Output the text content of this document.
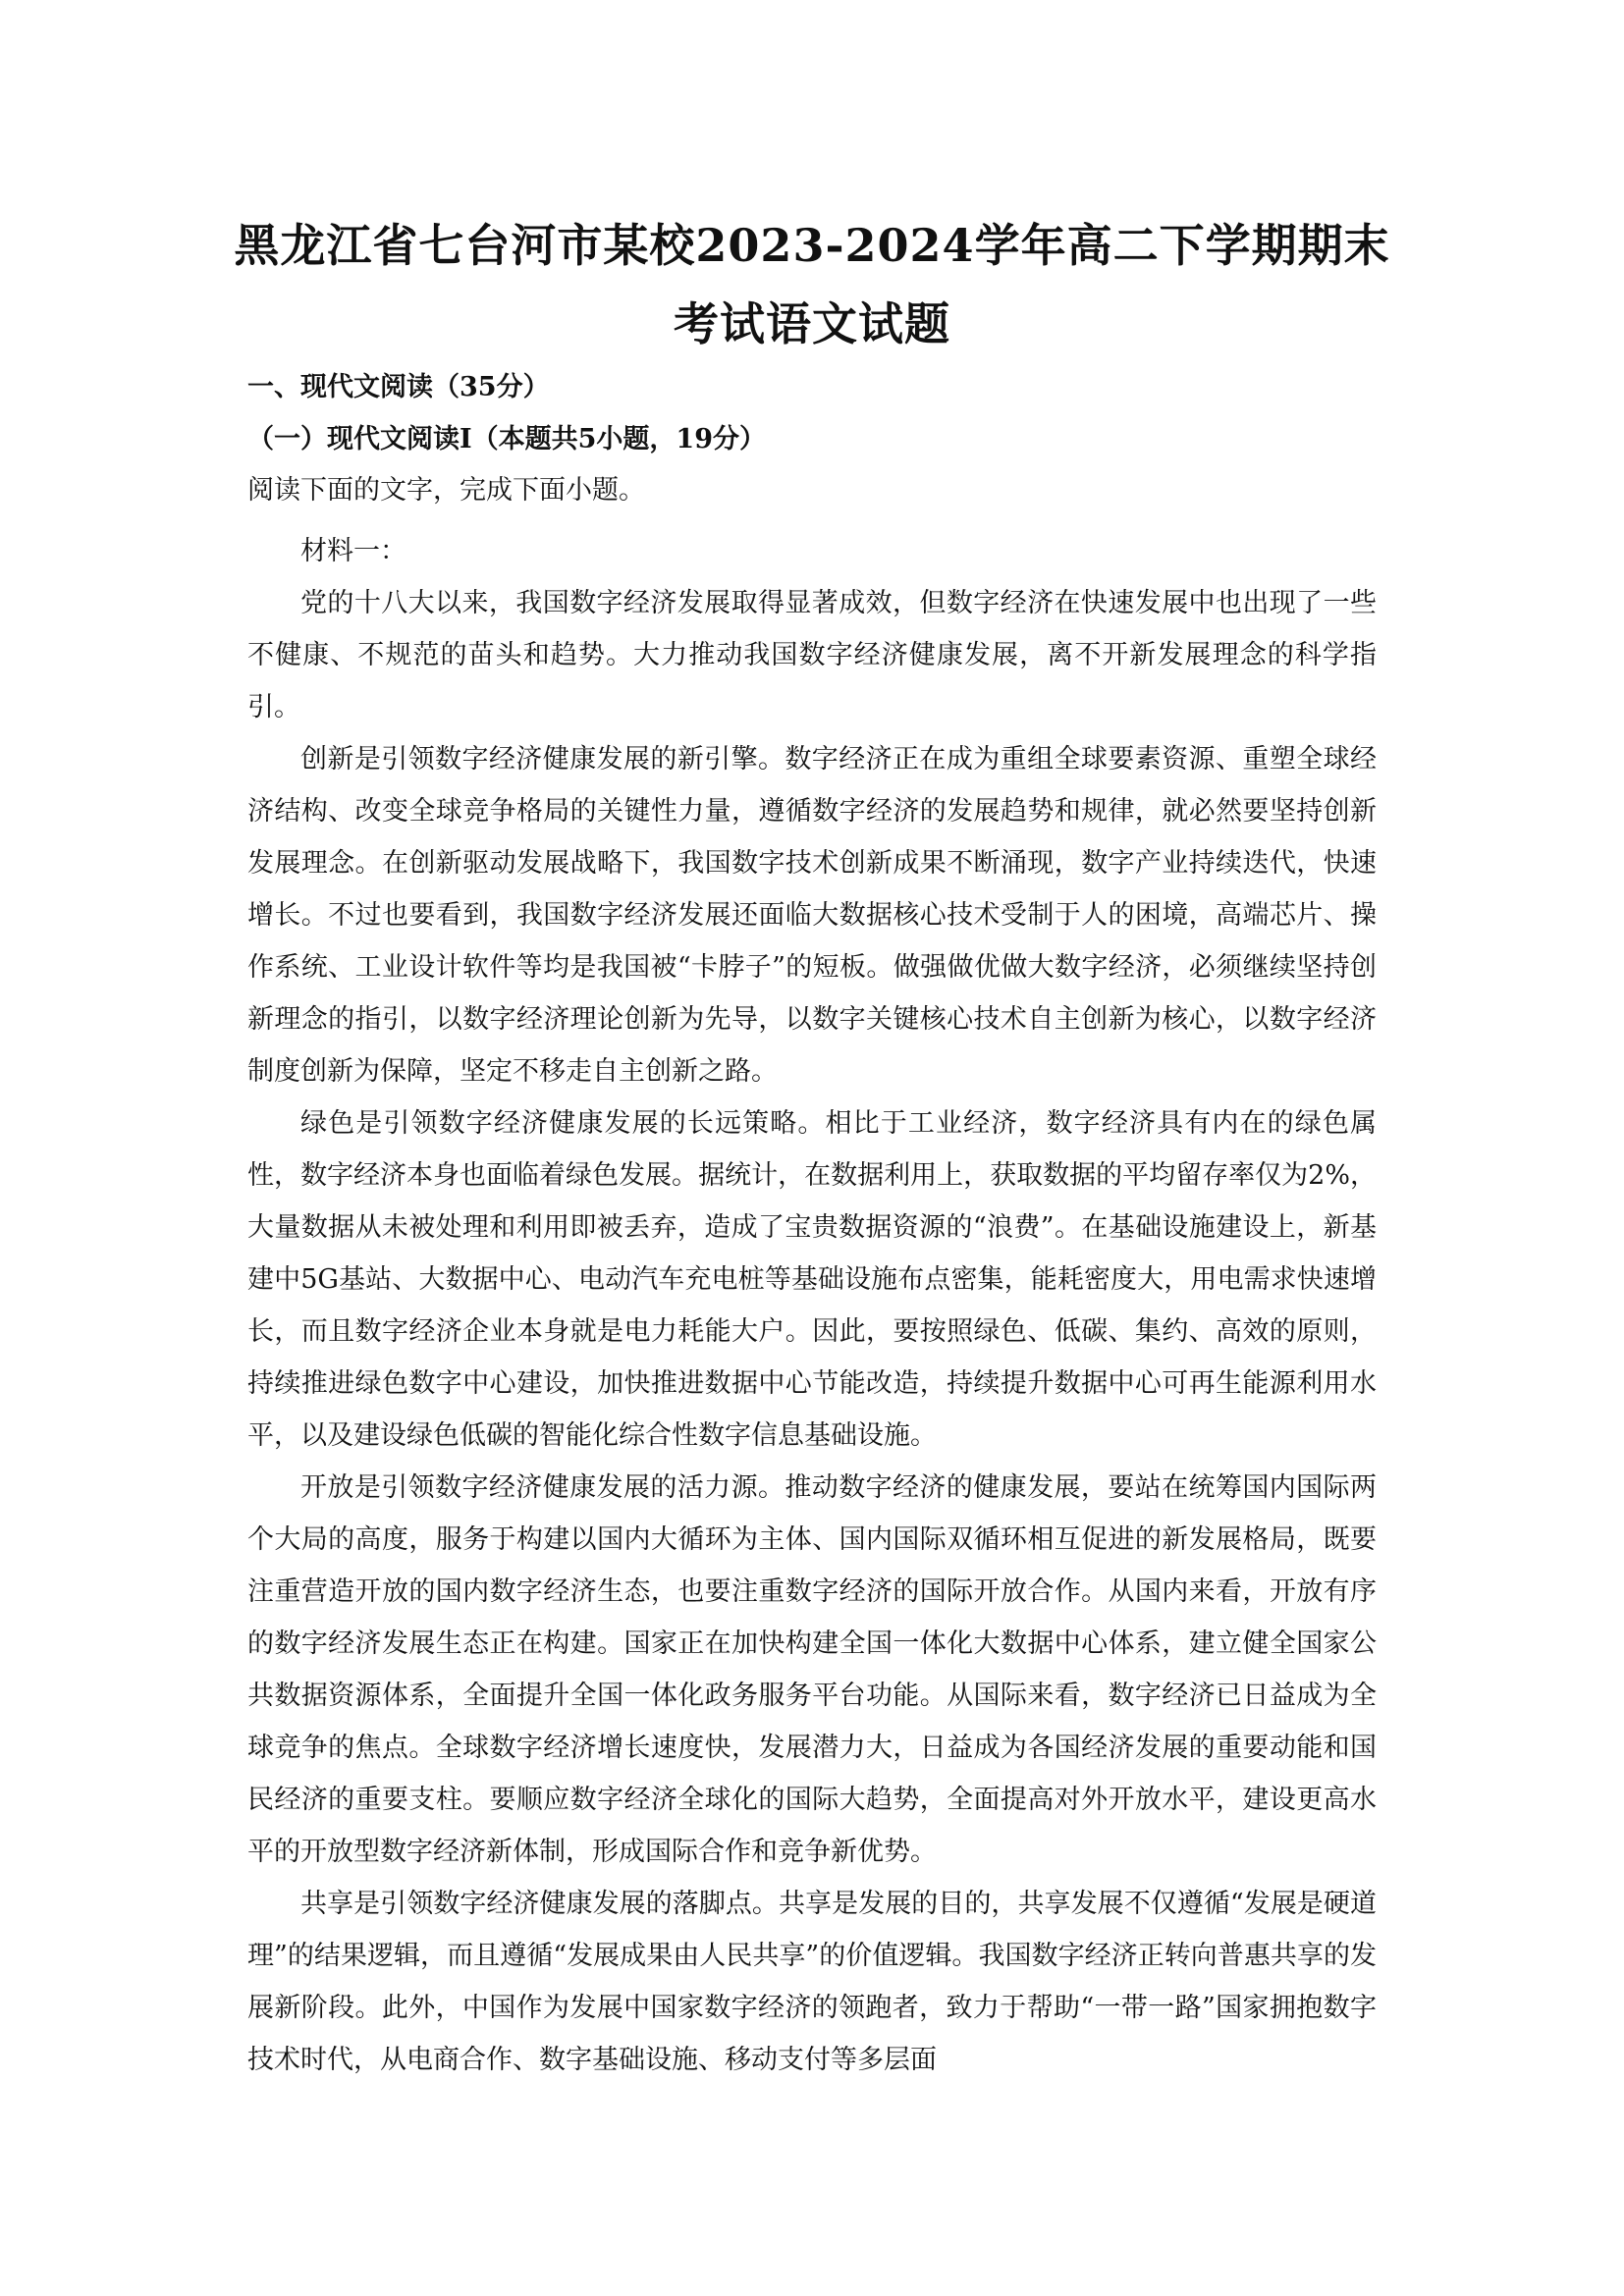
黑龙江省七台河市某校2023-2024学年高二下学期期末
考试语文试题
一、现代文阅读（35分）
（一）现代文阅读Ⅰ（本题共5小题，19分）
阅读下面的文字，完成下面小题。

材料一：

党的十八大以来，我国数字经济发展取得显著成效，但数字经济在快速发展中也出现了一些不健康、不规范的苗头和趋势。大力推动我国数字经济健康发展，离不开新发展理念的科学指引。

创新是引领数字经济健康发展的新引擎。数字经济正在成为重组全球要素资源、重塑全球经济结构、改变全球竞争格局的关键性力量，遵循数字经济的发展趋势和规律，就必然要坚持创新发展理念。在创新驱动发展战略下，我国数字技术创新成果不断涌现，数字产业持续迭代，快速增长。不过也要看到，我国数字经济发展还面临大数据核心技术受制于人的困境，高端芯片、操作系统、工业设计软件等均是我国被“卡脖子”的短板。做强做优做大数字经济，必须继续坚持创新理念的指引，以数字经济理论创新为先导，以数字关键核心技术自主创新为核心，以数字经济制度创新为保障，坚定不移走自主创新之路。

绿色是引领数字经济健康发展的长远策略。相比于工业经济，数字经济具有内在的绿色属性，数字经济本身也面临着绿色发展。据统计，在数据利用上，获取数据的平均留存率仅为2%，大量数据从未被处理和利用即被丢弃，造成了宝贵数据资源的“浪费”。在基础设施建设上，新基建中5G基站、大数据中心、电动汽车充电桩等基础设施布点密集，能耗密度大，用电需求快速增长，而且数字经济企业本身就是电力耗能大户。因此，要按照绿色、低碳、集约、高效的原则，持续推进绿色数字中心建设，加快推进数据中心节能改造，持续提升数据中心可再生能源利用水平，以及建设绿色低碳的智能化综合性数字信息基础设施。

开放是引领数字经济健康发展的活力源。推动数字经济的健康发展，要站在统筹国内国际两个大局的高度，服务于构建以国内大循环为主体、国内国际双循环相互促进的新发展格局，既要注重营造开放的国内数字经济生态，也要注重数字经济的国际开放合作。从国内来看，开放有序的数字经济发展生态正在构建。国家正在加快构建全国一体化大数据中心体系，建立健全国家公共数据资源体系，全面提升全国一体化政务服务平台功能。从国际来看，数字经济已日益成为全球竞争的焦点。全球数字经济增长速度快，发展潜力大，日益成为各国经济发展的重要动能和国民经济的重要支柱。要顺应数字经济全球化的国际大趋势，全面提高对外开放水平，建设更高水平的开放型数字经济新体制，形成国际合作和竞争新优势。

共享是引领数字经济健康发展的落脚点。共享是发展的目的，共享发展不仅遵循“发展是硬道理”的结果逻辑，而且遵循“发展成果由人民共享”的价值逻辑。我国数字经济正转向普惠共享的发展新阶段。此外，中国作为发展中国家数字经济的领跑者，致力于帮助“一带一路”国家拥抱数字技术时代，从电商合作、数字基础设施、移动支付等多层面
